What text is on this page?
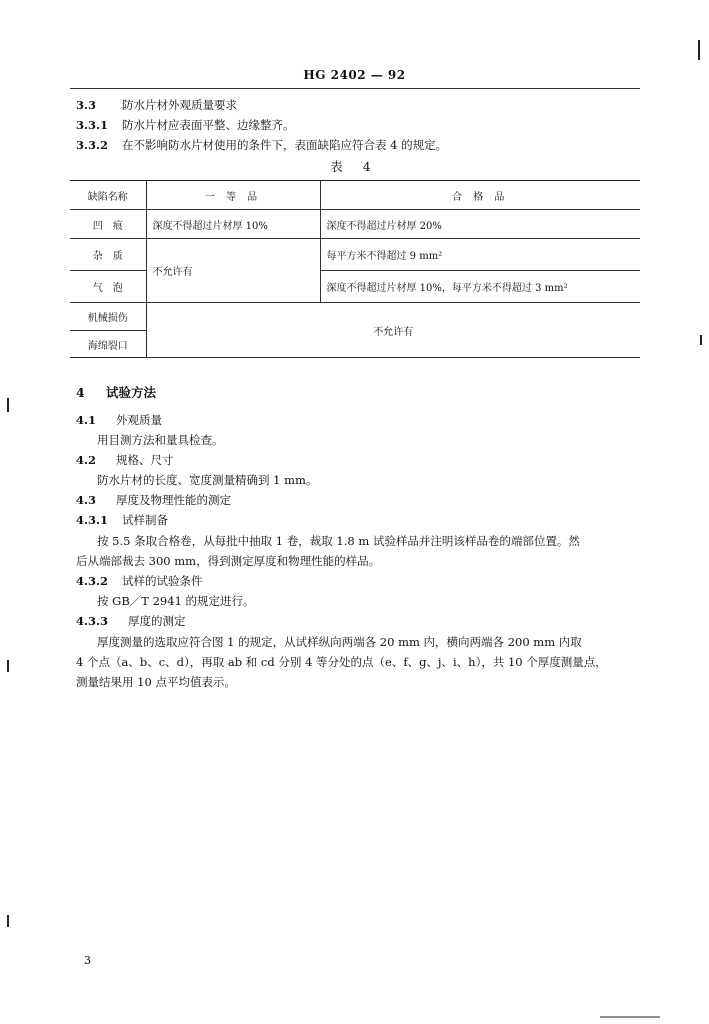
HG 2402 — 92
3.3 防水片材外观质量要求
3.3.1 防水片材应表面平整、边缘整齐。
3.3.2 在不影响防水片材使用的条件下，表面缺陷应符合表 4 的规定。
表 4
缺陷名称	一 等 品	合 格 品
凹　痕	深度不得超过片材厚 10%	深度不得超过片材厚 20%
杂　质	不允许有	每平方米不得超过 9 mm²
气　泡		深度不得超过片材厚 10%，每平方米不得超过 3 mm²
机械损伤	不允许有	
海绵裂口		
4 试验方法
4.1 外观质量
用目测方法和量具检查。
4.2 规格、尺寸
防水片材的长度、宽度测量精确到 1 mm。
4.3 厚度及物理性能的测定
4.3.1 试样制备
按 5.5 条取合格卷，从每批中抽取 1 卷，裁取 1.8 m 试验样品并注明该样品卷的端部位置。然
后从端部裁去 300 mm，得到测定厚度和物理性能的样品。
4.3.2 试样的试验条件
按 GB／T 2941 的规定进行。
4.3.3 厚度的测定
厚度测量的选取应符合图 1 的规定，从试样纵向两端各 20 mm 内，横向两端各 200 mm 内取
4 个点（a、b、c、d），再取 ab 和 cd 分别 4 等分处的点（e、f、g、j、i、h），共 10 个厚度测量点，
测量结果用 10 点平均值表示。
3
